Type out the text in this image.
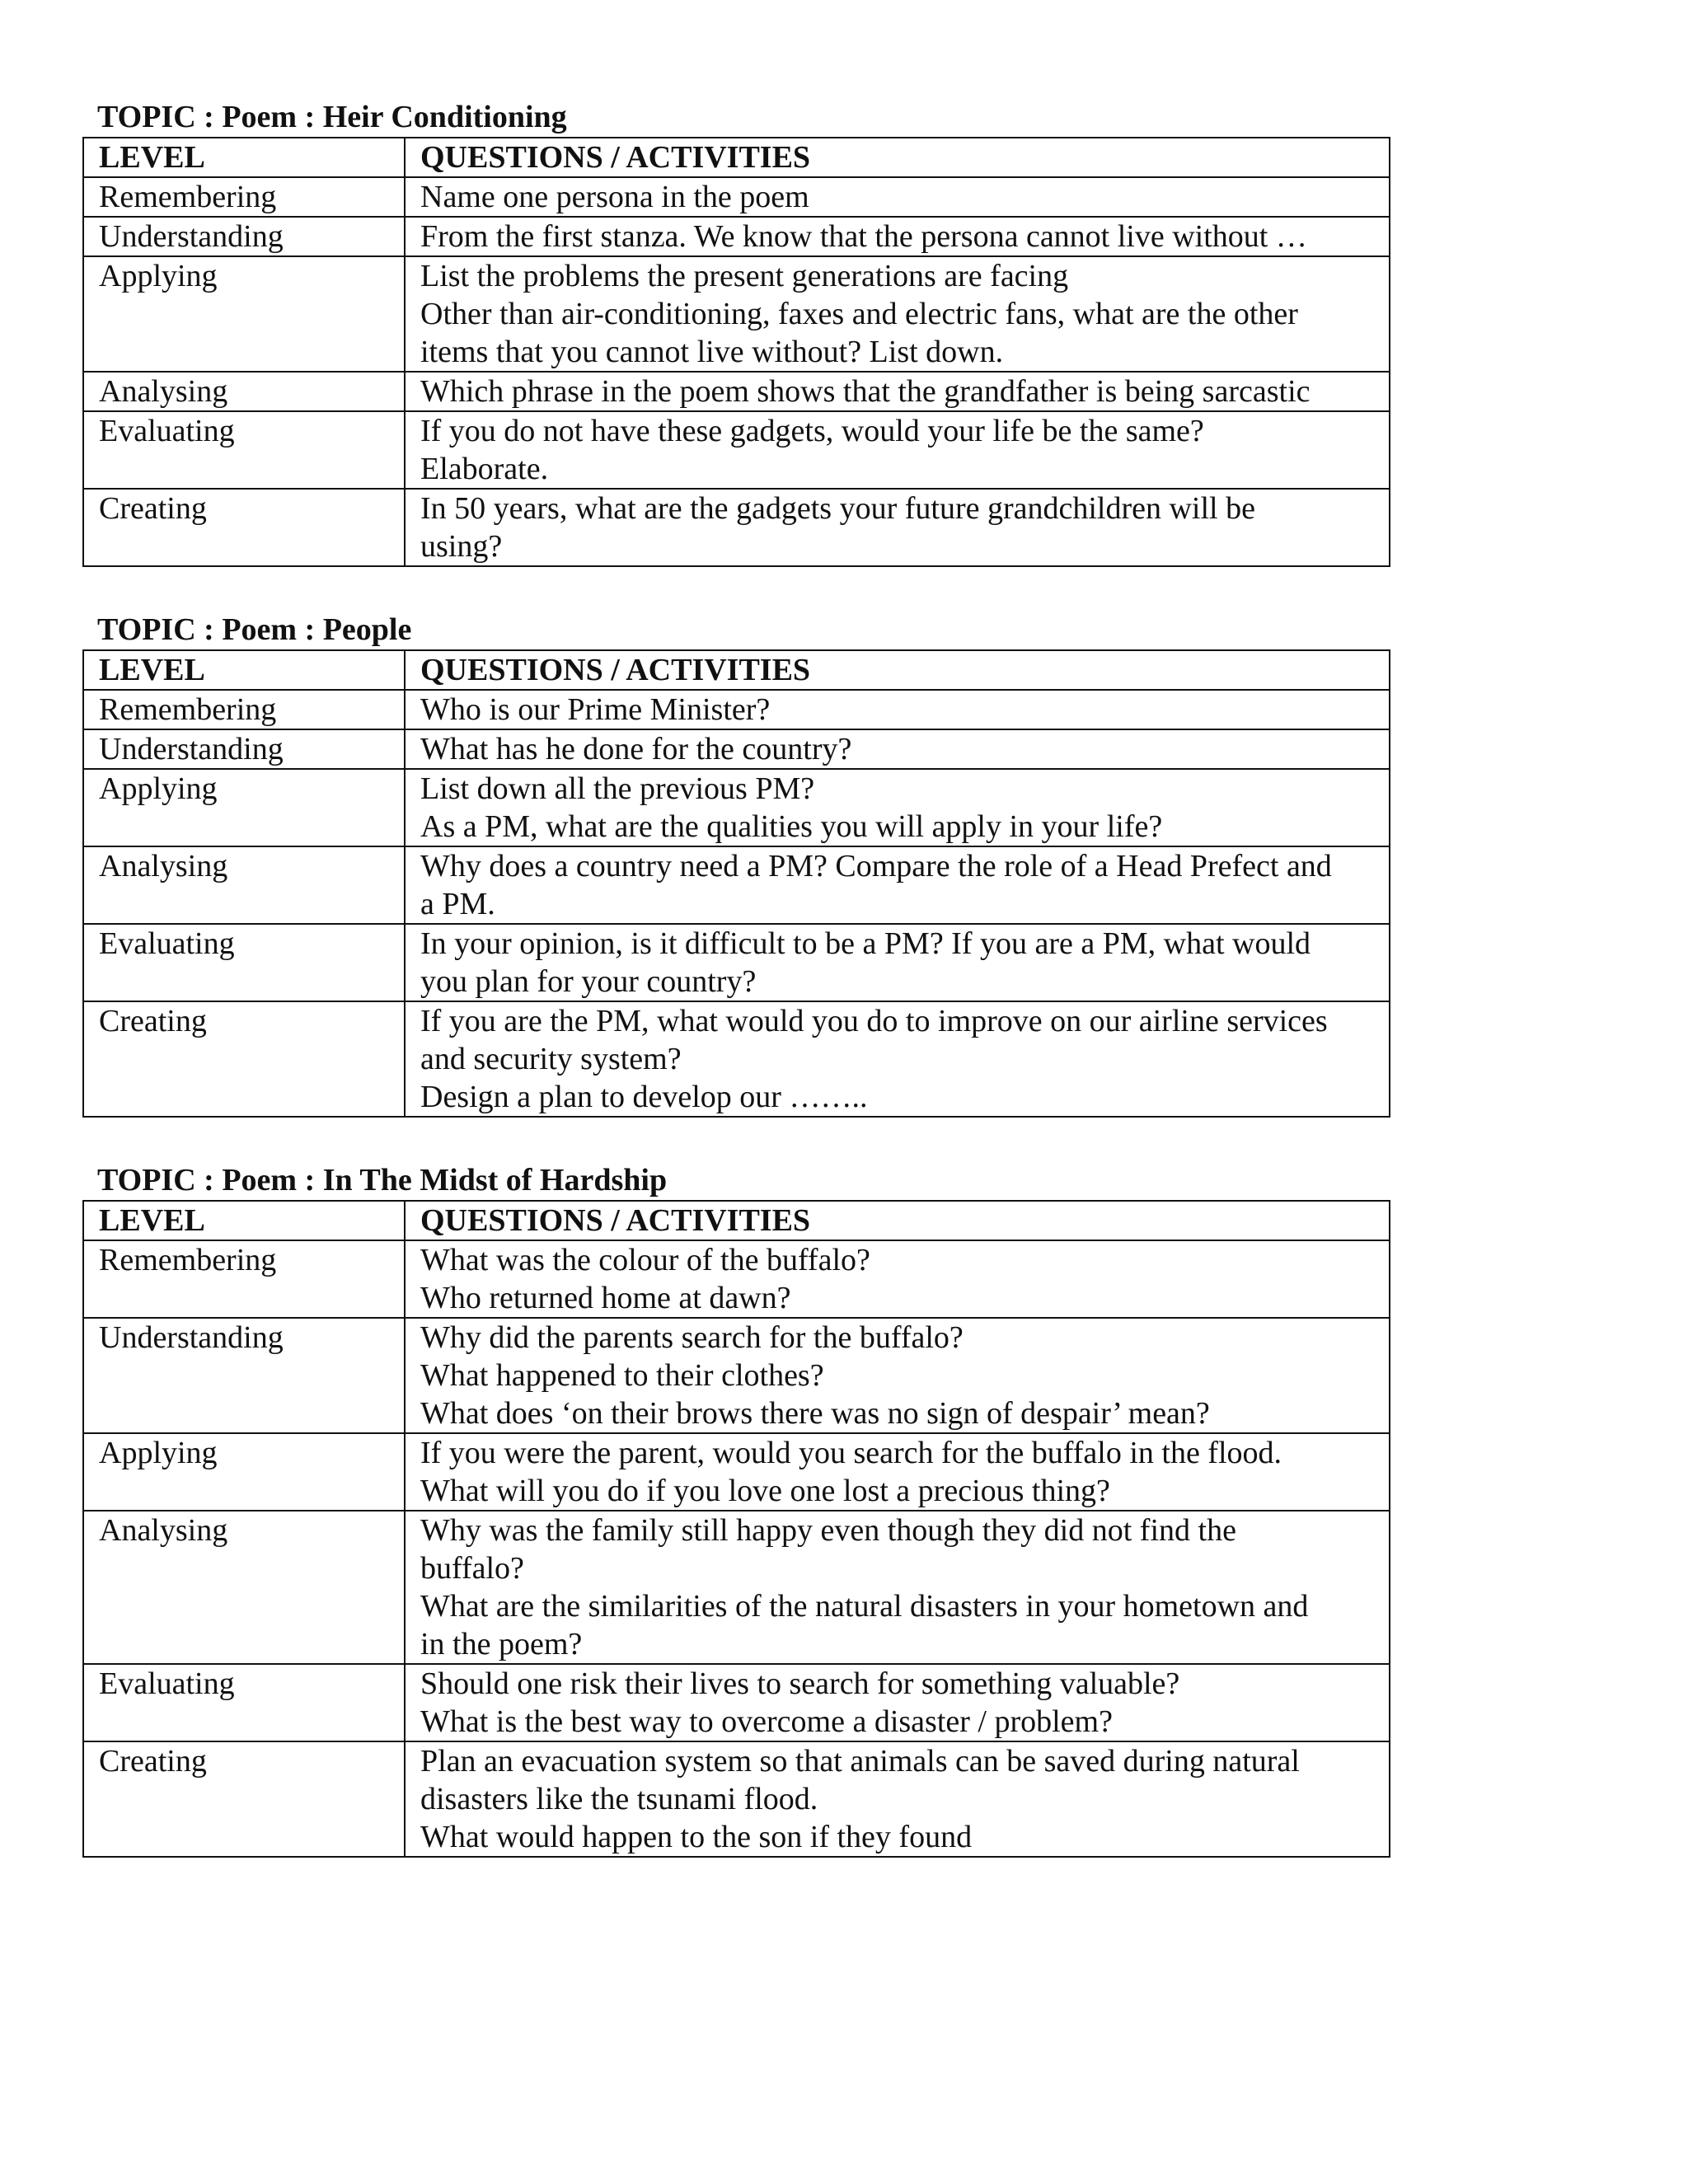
TOPIC : Poem : Heir Conditioning
LEVEL	QUESTIONS / ACTIVITIES
Remembering	Name one persona in the poem

Understanding	From the first stanza. We know that the persona cannot live without …

Applying	List the problems the present generations are facing
Other than air-conditioning, faxes and electric fans, what are the other
items that you cannot live without? List down.

Analysing	Which phrase in the poem shows that the grandfather is being sarcastic

Evaluating	If you do not have these gadgets, would your life be the same?
Elaborate.

Creating	In 50 years, what are the gadgets your future grandchildren will be
using?
TOPIC : Poem : People
LEVEL	QUESTIONS / ACTIVITIES
Remembering	Who is our Prime Minister?

Understanding	What has he done for the country?

Applying	List down all the previous PM?
As a PM, what are the qualities you will apply in your life?

Analysing	Why does a country need a PM? Compare the role of a Head Prefect and
a PM.

Evaluating	In your opinion, is it difficult to be a PM? If you are a PM, what would
you plan for your country?

Creating	If you are the PM, what would you do to improve on our airline services
and security system?
Design a plan to develop our ……..
TOPIC : Poem : In The Midst of Hardship
LEVEL	QUESTIONS / ACTIVITIES
Remembering	What was the colour of the buffalo?
Who returned home at dawn?

Understanding	Why did the parents search for the buffalo?
What happened to their clothes?
What does ‘on their brows there was no sign of despair’ mean?

Applying	If you were the parent, would you search for the buffalo in the flood.
What will you do if you love one lost a precious thing?

Analysing	Why was the family still happy even though they did not find the
buffalo?
What are the similarities of the natural disasters in your hometown and
in the poem?

Evaluating	Should one risk their lives to search for something valuable?
What is the best way to overcome a disaster / problem?

Creating	Plan an evacuation system so that animals can be saved during natural
disasters like the tsunami flood.
What would happen to the son if they found
